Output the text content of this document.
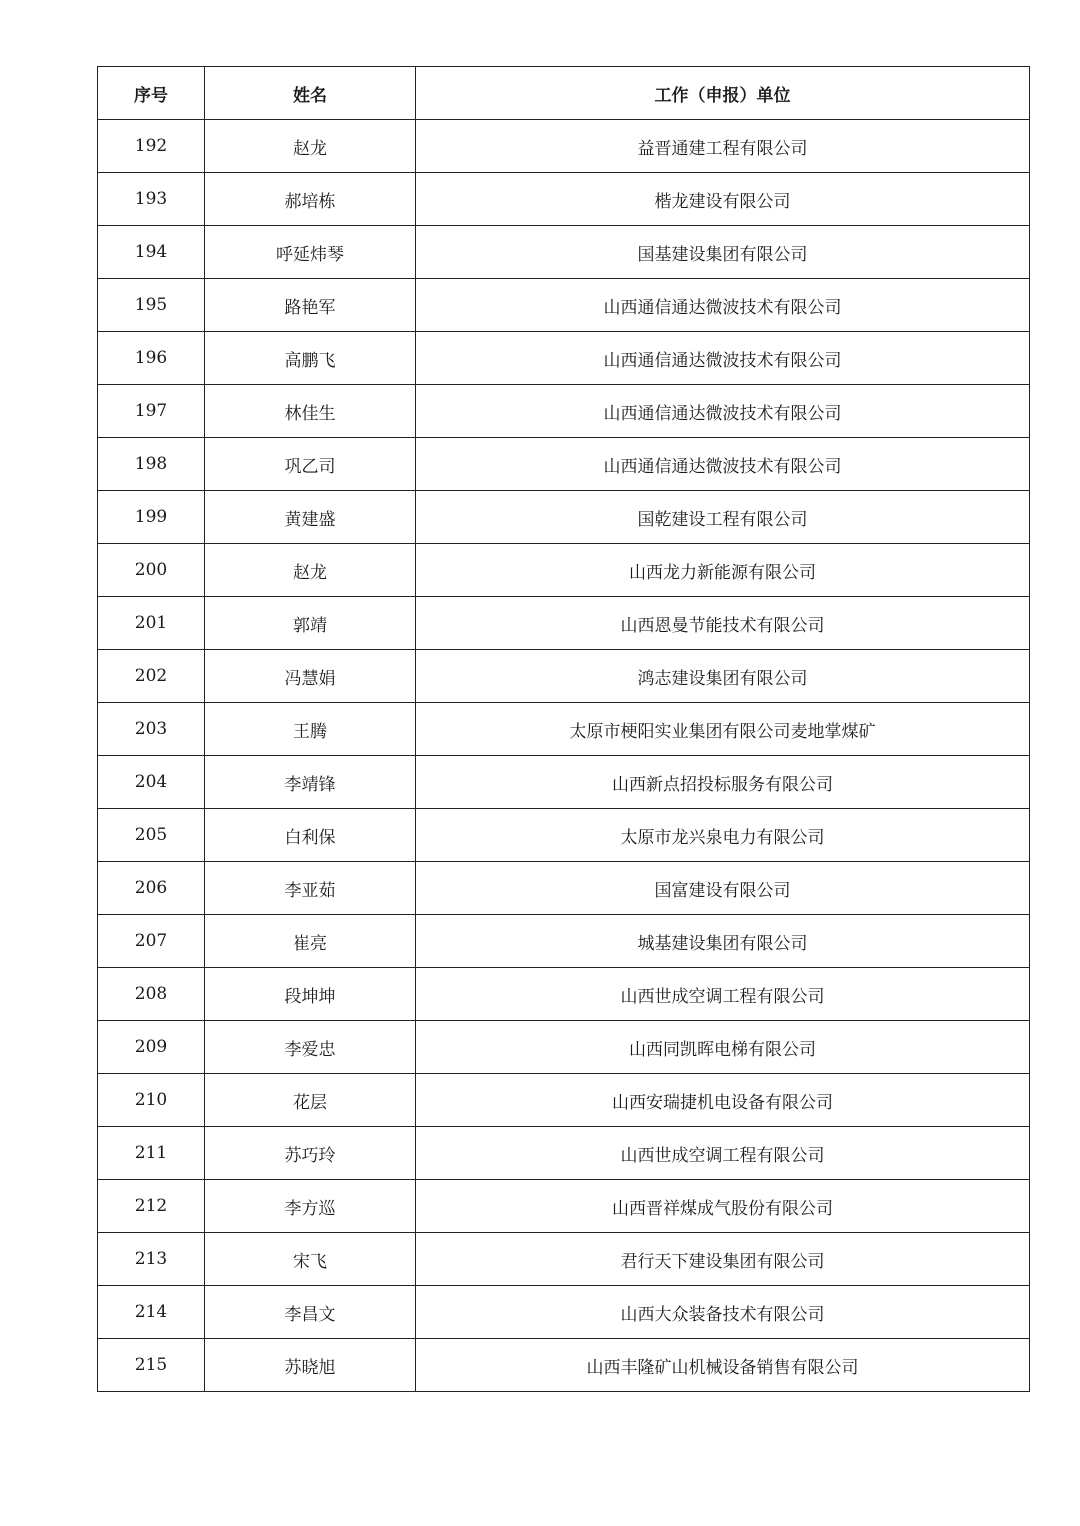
序号	姓名	工作（申报）单位
192	赵龙	益晋通建工程有限公司
193	郝培栋	楷龙建设有限公司
194	呼延炜琴	国基建设集团有限公司
195	路艳军	山西通信通达微波技术有限公司
196	高鹏飞	山西通信通达微波技术有限公司
197	林佳生	山西通信通达微波技术有限公司
198	巩乙司	山西通信通达微波技术有限公司
199	黄建盛	国乾建设工程有限公司
200	赵龙	山西龙力新能源有限公司
201	郭靖	山西恩曼节能技术有限公司
202	冯慧娟	鸿志建设集团有限公司
203	王腾	太原市梗阳实业集团有限公司麦地掌煤矿
204	李靖锋	山西新点招投标服务有限公司
205	白利保	太原市龙兴泉电力有限公司
206	李亚茹	国富建设有限公司
207	崔亮	城基建设集团有限公司
208	段坤坤	山西世成空调工程有限公司
209	李爱忠	山西同凯晖电梯有限公司
210	花层	山西安瑞捷机电设备有限公司
211	苏巧玲	山西世成空调工程有限公司
212	李方巡	山西晋祥煤成气股份有限公司
213	宋飞	君行天下建设集团有限公司
214	李昌文	山西大众装备技术有限公司
215	苏晓旭	山西丰隆矿山机械设备销售有限公司
